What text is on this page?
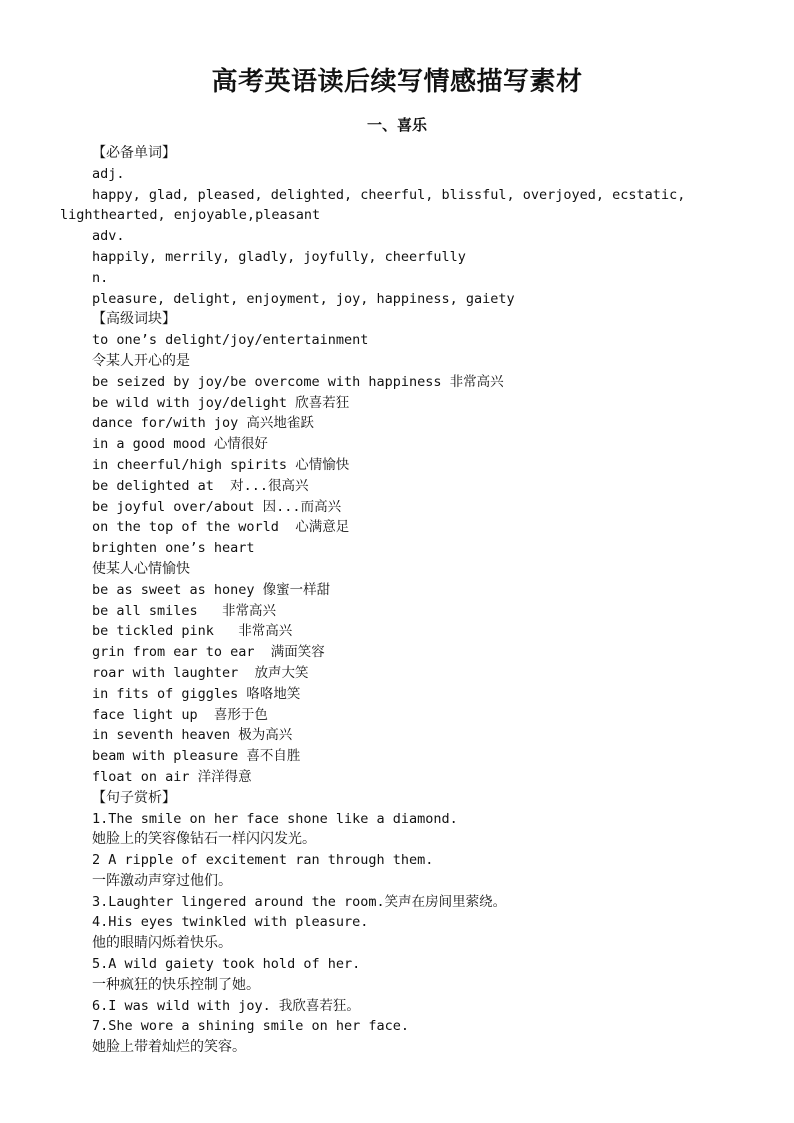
高考英语读后续写情感描写素材
一、喜乐
【必备单词】
adj.
happy, glad, pleased, delighted, cheerful, blissful, overjoyed, ecstatic,
lighthearted, enjoyable,pleasant
adv.
happily, merrily, gladly, joyfully, cheerfully
n.
pleasure, delight, enjoyment, joy, happiness, gaiety
【高级词块】
to one’s delight/joy/entertainment
令某人开心的是
be seized by joy/be overcome with happiness 非常高兴
be wild with joy/delight 欣喜若狂
dance for/with joy 高兴地雀跃
in a good mood 心情很好
in cheerful/high spirits 心情愉快
be delighted at  对...很高兴
be joyful over/about 因...而高兴
on the top of the world  心满意足
brighten one’s heart
使某人心情愉快
be as sweet as honey 像蜜一样甜
be all smiles   非常高兴
be tickled pink   非常高兴
grin from ear to ear  满面笑容
roar with laughter  放声大笑
in fits of giggles 咯咯地笑
face light up  喜形于色
in seventh heaven 极为高兴
beam with pleasure 喜不自胜
float on air 洋洋得意
【句子赏析】
1.The smile on her face shone like a diamond.
她脸上的笑容像钻石一样闪闪发光。
2 A ripple of excitement ran through them.
一阵激动声穿过他们。
3.Laughter lingered around the room.笑声在房间里萦绕。
4.His eyes twinkled with pleasure.
他的眼睛闪烁着快乐。
5.A wild gaiety took hold of her.
一种疯狂的快乐控制了她。
6.I was wild with joy. 我欣喜若狂。
7.She wore a shining smile on her face.
她脸上带着灿烂的笑容。
